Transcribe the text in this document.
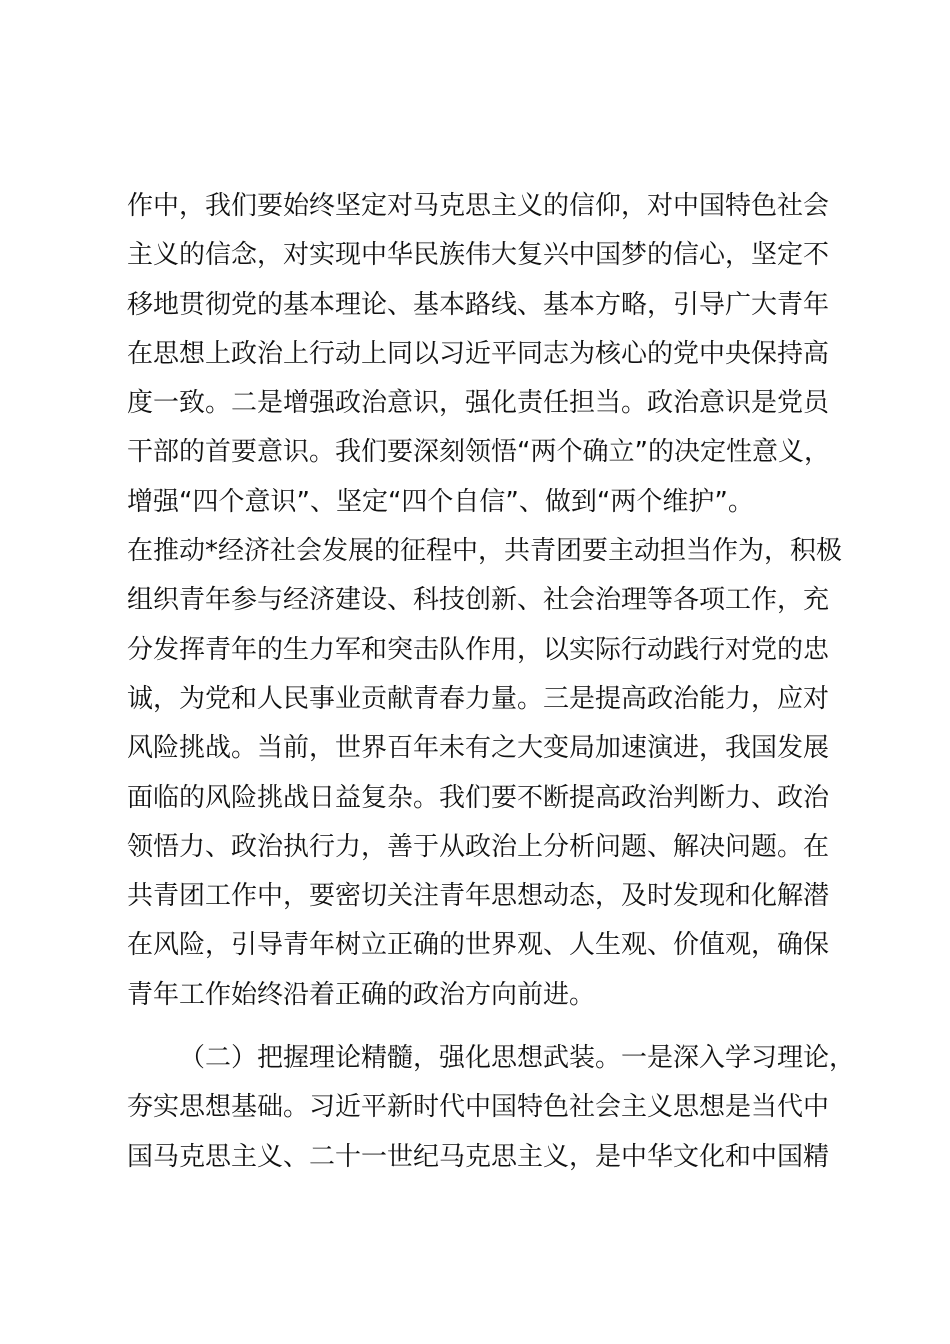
作中，我们要始终坚定对马克思主义的信仰，对中国特色社会
主义的信念，对实现中华民族伟大复兴中国梦的信心，坚定不
移地贯彻党的基本理论、基本路线、基本方略，引导广大青年
在思想上政治上行动上同以习近平同志为核心的党中央保持高
度一致。二是增强政治意识，强化责任担当。政治意识是党员
干部的首要意识。我们要深刻领悟“两个确立”的决定性意义，
增强“四个意识”、坚定“四个自信”、做到“两个维护”。
在推动*经济社会发展的征程中，共青团要主动担当作为，积极
组织青年参与经济建设、科技创新、社会治理等各项工作，充
分发挥青年的生力军和突击队作用，以实际行动践行对党的忠
诚，为党和人民事业贡献青春力量。三是提高政治能力，应对
风险挑战。当前，世界百年未有之大变局加速演进，我国发展
面临的风险挑战日益复杂。我们要不断提高政治判断力、政治
领悟力、政治执行力，善于从政治上分析问题、解决问题。在
共青团工作中，要密切关注青年思想动态，及时发现和化解潜
在风险，引导青年树立正确的世界观、人生观、价值观，确保
青年工作始终沿着正确的政治方向前进。
（二）把握理论精髓，强化思想武装。一是深入学习理论，
夯实思想基础。习近平新时代中国特色社会主义思想是当代中
国马克思主义、二十一世纪马克思主义，是中华文化和中国精
